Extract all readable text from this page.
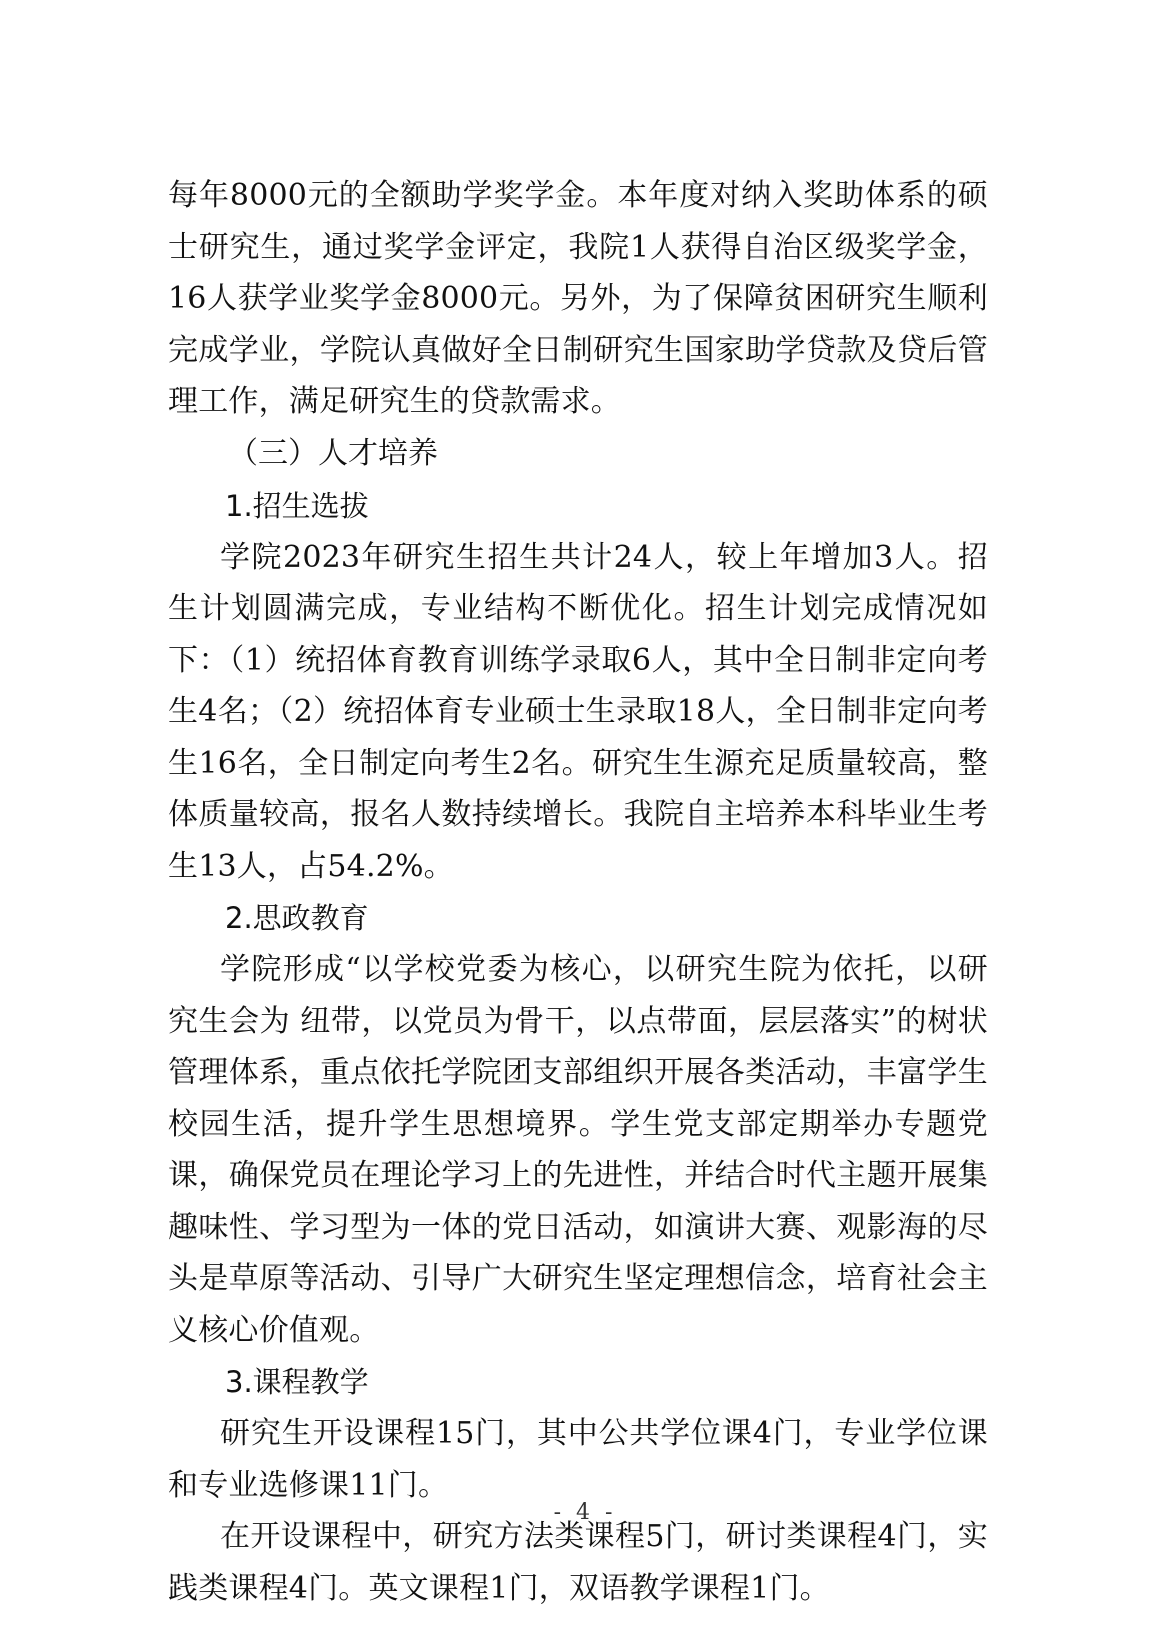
每年8000元的全额助学奖学金。本年度对纳入奖助体系的硕士研究生，通过奖学金评定，我院1人获得自治区级奖学金，16人获学业奖学金8000元。另外，为了保障贫困研究生顺利完成学业，学院认真做好全日制研究生国家助学贷款及贷后管理工作，满足研究生的贷款需求。

（三）人才培养

1.招生选拔

学院2023年研究生招生共计24人，较上年增加3人。招生计划圆满完成，专业结构不断优化。招生计划完成情况如下：（1）统招体育教育训练学录取6人，其中全日制非定向考生4名；（2）统招体育专业硕士生录取18人，全日制非定向考生16名，全日制定向考生2名。研究生生源充足质量较高，整体质量较高，报名人数持续增长。我院自主培养本科毕业生考生13人，占54.2%。

2.思政教育

学院形成“以学校党委为核心，以研究生院为依托，以研究生会为 纽带，以党员为骨干，以点带面，层层落实”的树状管理体系，重点依托学院团支部组织开展各类活动，丰富学生校园生活，提升学生思想境界。学生党支部定期举办专题党课，确保党员在理论学习上的先进性，并结合时代主题开展集趣味性、学习型为一体的党日活动，如演讲大赛、观影海的尽头是草原等活动、引导广大研究生坚定理想信念，培育社会主义核心价值观。

3.课程教学

研究生开设课程15门，其中公共学位课4门，专业学位课和专业选修课11门。

在开设课程中，研究方法类课程5门，研讨类课程4门，实践类课程4门。英文课程1门，双语教学课程1门。

- 4 -
